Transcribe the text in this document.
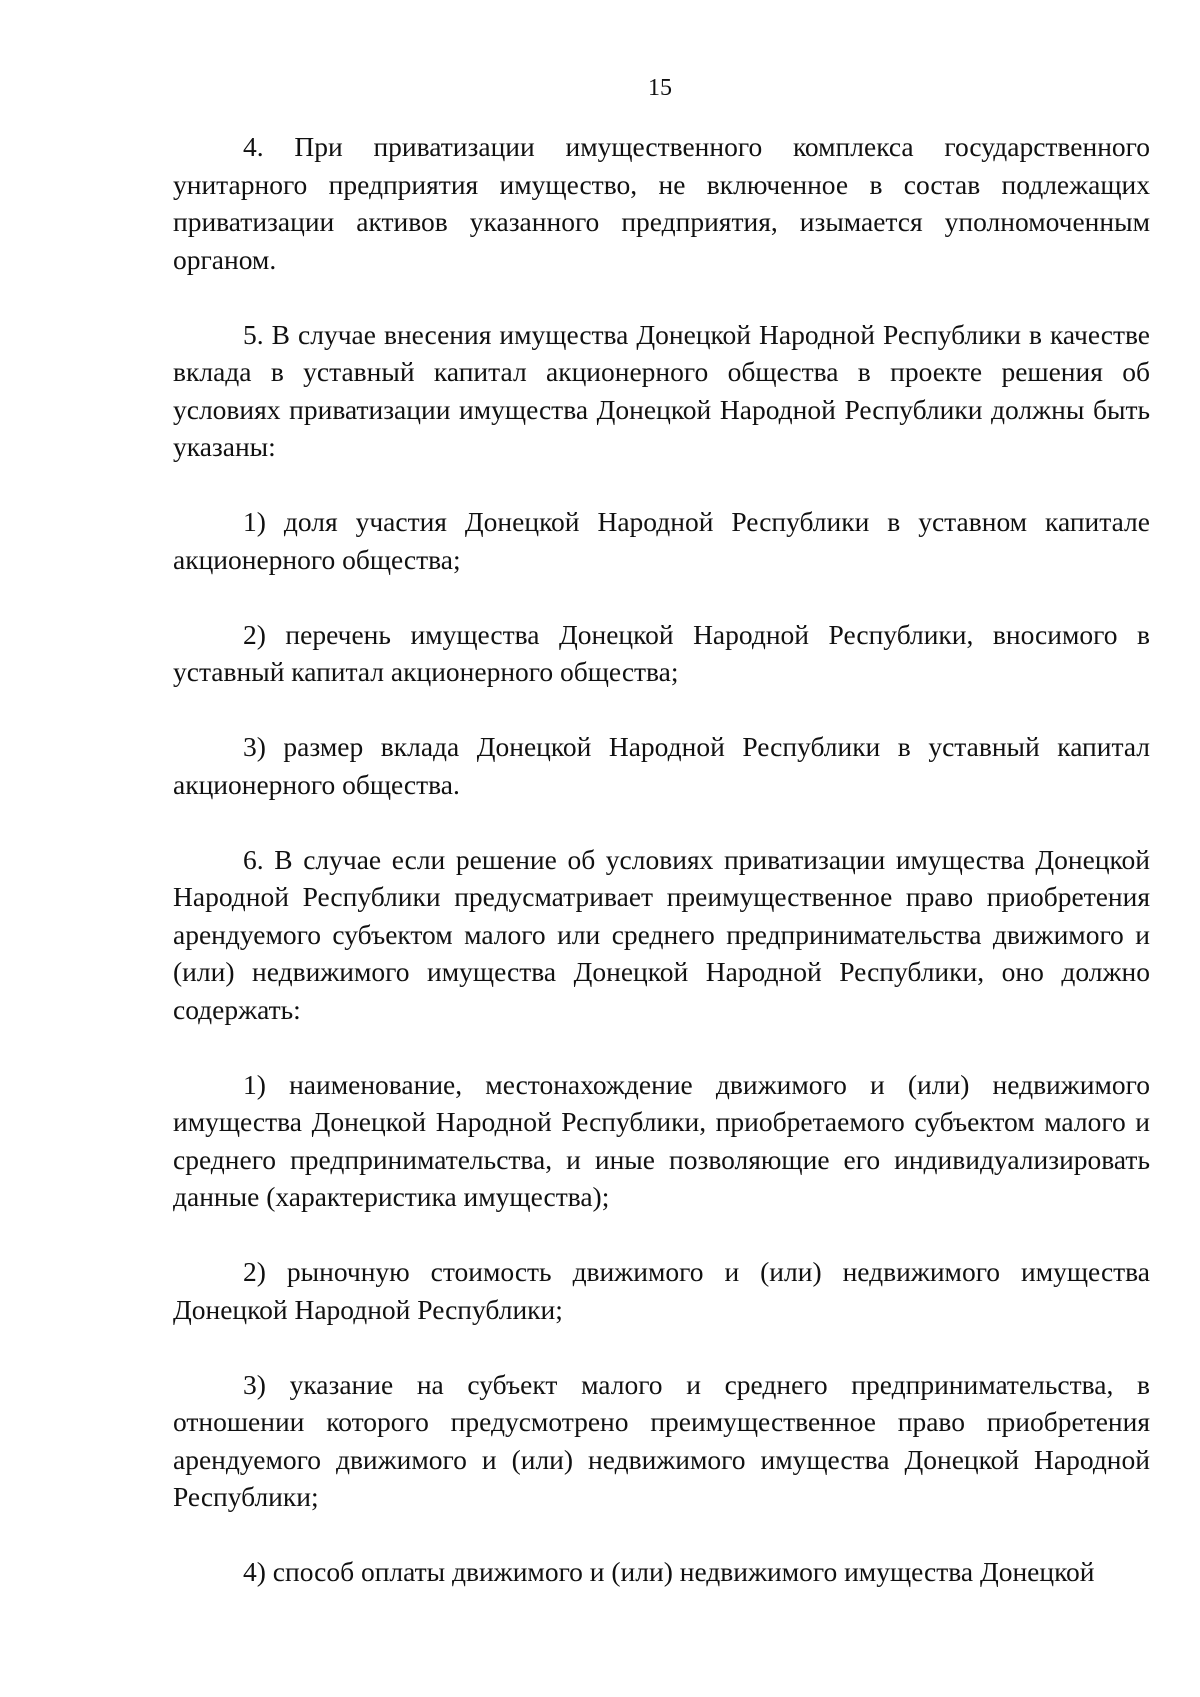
15

4. При приватизации имущественного комплекса государственного унитарного предприятия имущество, не включенное в состав подлежащих приватизации активов указанного предприятия, изымается уполномоченным органом.

5. В случае внесения имущества Донецкой Народной Республики в качестве вклада в уставный капитал акционерного общества в проекте решения об условиях приватизации имущества Донецкой Народной Республики должны быть указаны:

1) доля участия Донецкой Народной Республики в уставном капитале акционерного общества;

2) перечень имущества Донецкой Народной Республики, вносимого в уставный капитал акционерного общества;

3) размер вклада Донецкой Народной Республики в уставный капитал акционерного общества.

6. В случае если решение об условиях приватизации имущества Донецкой Народной Республики предусматривает преимущественное право приобретения арендуемого субъектом малого или среднего предпринимательства движимого и (или) недвижимого имущества Донецкой Народной Республики, оно должно содержать:

1) наименование, местонахождение движимого и (или) недвижимого имущества Донецкой Народной Республики, приобретаемого субъектом малого и среднего предпринимательства, и иные позволяющие его индивидуализировать данные (характеристика имущества);

2) рыночную стоимость движимого и (или) недвижимого имущества Донецкой Народной Республики;

3) указание на субъект малого и среднего предпринимательства, в отношении которого предусмотрено преимущественное право приобретения арендуемого движимого и (или) недвижимого имущества Донецкой Народной Республики;

4) способ оплаты движимого и (или) недвижимого имущества Донецкой
